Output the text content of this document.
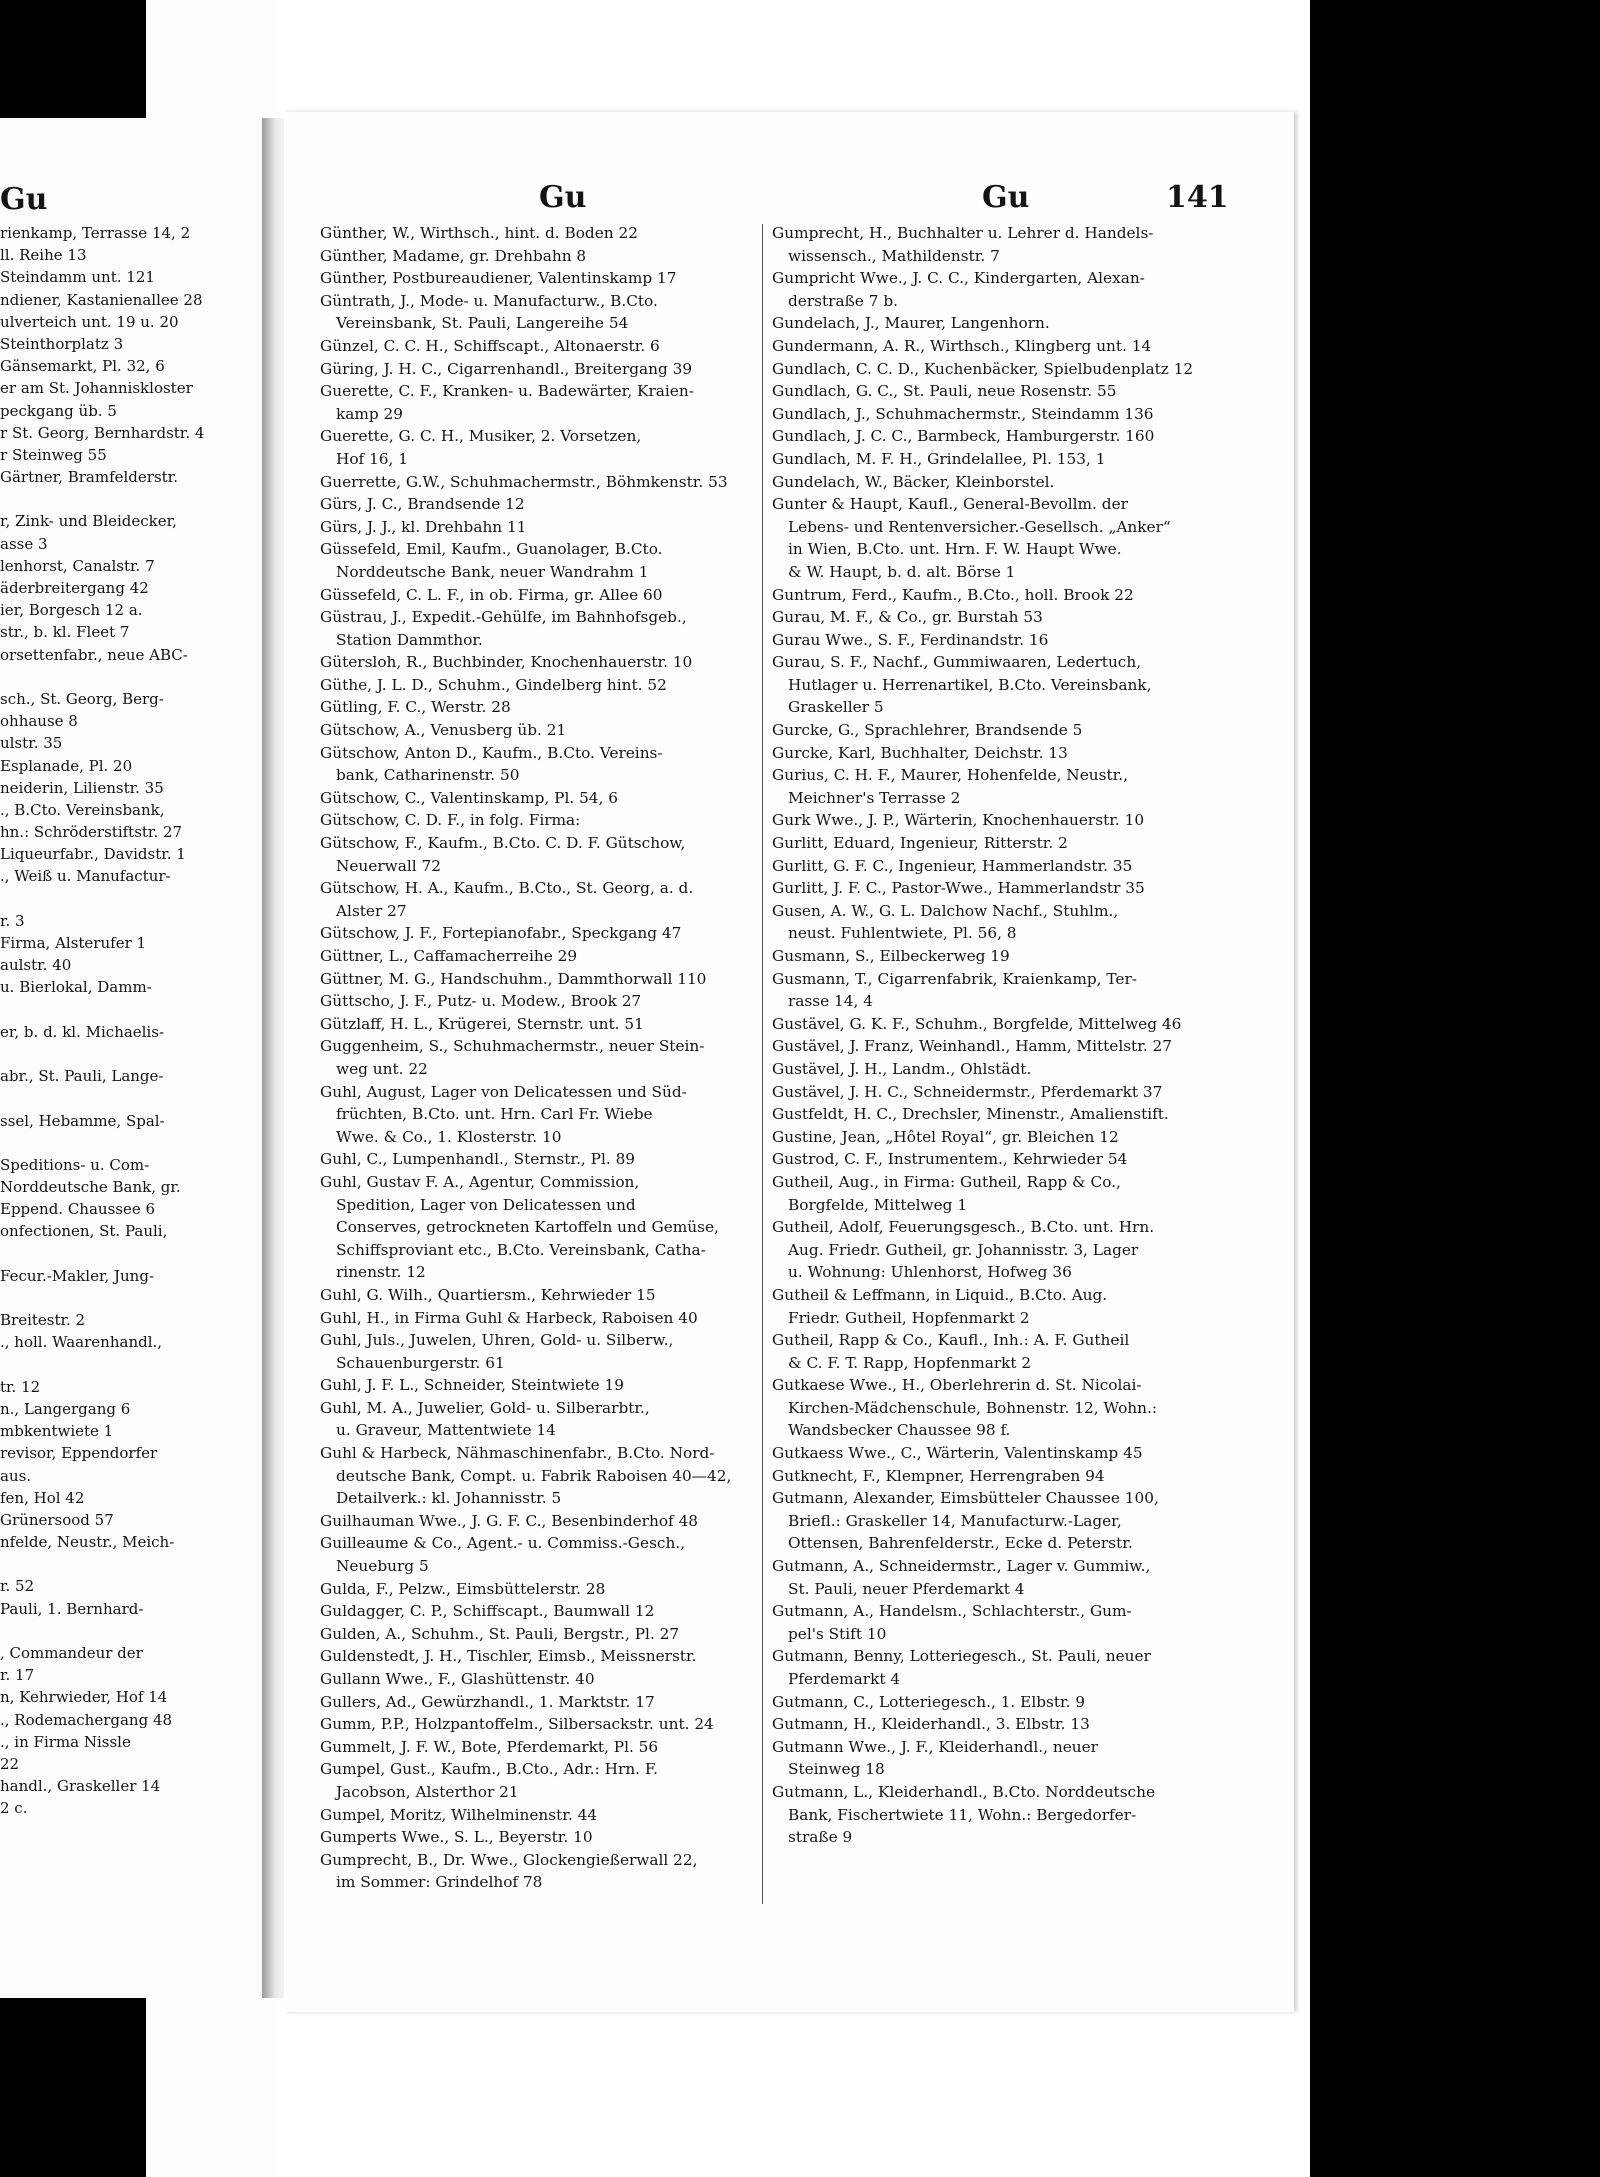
Gu
rienkamp, Terrasse 14, 2
ll. Reihe 13
Steindamm unt. 121
ndiener, Kastanienallee 28
ulverteich unt. 19 u. 20
Steinthorplatz 3
Gänsemarkt, Pl. 32, 6
er am St. Johanniskloster
peckgang üb. 5
r St. Georg, Bernhardstr. 4
r Steinweg 55
Gärtner, Bramfelderstr.
r, Zink- und Bleidecker,
asse 3
lenhorst, Canalstr. 7
äderbreitergang 42
ier, Borgesch 12 a.
str., b. kl. Fleet 7
orsettenfabr., neue ABC-
sch., St. Georg, Berg-
ohhause 8
ulstr. 35
Esplanade, Pl. 20
neiderin, Lilienstr. 35
., B.Cto. Vereinsbank,
hn.: Schröderstiftstr. 27
Liqueurfabr., Davidstr. 1
., Weiß u. Manufactur-
r. 3
Firma, Alsterufer 1
aulstr. 40
u. Bierlokal, Damm-
er, b. d. kl. Michaelis-
abr., St. Pauli, Lange-
ssel, Hebamme, Spal-
Speditions- u. Com-
Norddeutsche Bank, gr.
Eppend. Chaussee 6
onfectionen, St. Pauli,
Fecur.-Makler, Jung-
Breitestr. 2
., holl. Waarenhandl.,
tr. 12
n., Langergang 6
mbkentwiete 1
revisor, Eppendorfer
aus.
fen, Hol 42
Grünersood 57
nfelde, Neustr., Meich-
r. 52
Pauli, 1. Bernhard-
, Commandeur der
r. 17
n, Kehrwieder, Hof 14
., Rodemachergang 48
., in Firma Nissle
22
handl., Graskeller 14
2 c.
Gu	Gu	141

Günther, W., Wirthsch., hint. d. Boden 22

Günther, Madame, gr. Drehbahn 8

Günther, Postbureaudiener, Valentinskamp 17

Güntrath, J., Mode- u. Manufacturw., B.Cto.

Vereinsbank, St. Pauli, Langereihe 54

Günzel, C. C. H., Schiffscapt., Altonaerstr. 6

Güring, J. H. C., Cigarrenhandl., Breitergang 39

Guerette, C. F., Kranken- u. Badewärter, Kraien-

kamp 29

Guerette, G. C. H., Musiker, 2. Vorsetzen,

Hof 16, 1

Guerrette, G.W., Schuhmachermstr., Böhmkenstr. 53

Gürs, J. C., Brandsende 12

Gürs, J. J., kl. Drehbahn 11

Güssefeld, Emil, Kaufm., Guanolager, B.Cto.

Norddeutsche Bank, neuer Wandrahm 1

Güssefeld, C. L. F., in ob. Firma, gr. Allee 60

Güstrau, J., Expedit.-Gehülfe, im Bahnhofsgeb.,

Station Dammthor.

Gütersloh, R., Buchbinder, Knochenhauerstr. 10

Güthe, J. L. D., Schuhm., Gindelberg hint. 52

Gütling, F. C., Werstr. 28

Gütschow, A., Venusberg üb. 21

Gütschow, Anton D., Kaufm., B.Cto. Vereins-

bank, Catharinenstr. 50

Gütschow, C., Valentinskamp, Pl. 54, 6

Gütschow, C. D. F., in folg. Firma:

Gütschow, F., Kaufm., B.Cto. C. D. F. Gütschow,

Neuerwall 72

Gütschow, H. A., Kaufm., B.Cto., St. Georg, a. d.

Alster 27

Gütschow, J. F., Fortepianofabr., Speckgang 47

Güttner, L., Caffamacherreihe 29

Güttner, M. G., Handschuhm., Dammthorwall 110

Güttscho, J. F., Putz- u. Modew., Brook 27

Gützlaff, H. L., Krügerei, Sternstr. unt. 51

Guggenheim, S., Schuhmachermstr., neuer Stein-

weg unt. 22

Guhl, August, Lager von Delicatessen und Süd-

früchten, B.Cto. unt. Hrn. Carl Fr. Wiebe

Wwe. & Co., 1. Klosterstr. 10

Guhl, C., Lumpenhandl., Sternstr., Pl. 89

Guhl, Gustav F. A., Agentur, Commission,

Spedition, Lager von Delicatessen und

Conserves, getrockneten Kartoffeln und Gemüse,

Schiffsproviant etc., B.Cto. Vereinsbank, Catha-

rinenstr. 12

Guhl, G. Wilh., Quartiersm., Kehrwieder 15

Guhl, H., in Firma Guhl & Harbeck, Raboisen 40

Guhl, Juls., Juwelen, Uhren, Gold- u. Silberw.,

Schauenburgerstr. 61

Guhl, J. F. L., Schneider, Steintwiete 19

Guhl, M. A., Juwelier, Gold- u. Silberarbtr.,

u. Graveur, Mattentwiete 14

Guhl & Harbeck, Nähmaschinenfabr., B.Cto. Nord-

deutsche Bank, Compt. u. Fabrik Raboisen 40—42,

Detailverk.: kl. Johannisstr. 5

Guilhauman Wwe., J. G. F. C., Besenbinderhof 48

Guilleaume & Co., Agent.- u. Commiss.-Gesch.,

Neueburg 5

Gulda, F., Pelzw., Eimsbüttelerstr. 28

Guldagger, C. P., Schiffscapt., Baumwall 12

Gulden, A., Schuhm., St. Pauli, Bergstr., Pl. 27

Guldenstedt, J. H., Tischler, Eimsb., Meissnerstr.

Gullann Wwe., F., Glashüttenstr. 40

Gullers, Ad., Gewürzhandl., 1. Marktstr. 17

Gumm, P.P., Holzpantoffelm., Silbersackstr. unt. 24

Gummelt, J. F. W., Bote, Pferdemarkt, Pl. 56

Gumpel, Gust., Kaufm., B.Cto., Adr.: Hrn. F.

Jacobson, Alsterthor 21

Gumpel, Moritz, Wilhelminenstr. 44

Gumperts Wwe., S. L., Beyerstr. 10

Gumprecht, B., Dr. Wwe., Glockengießerwall 22,

im Sommer: Grindelhof 78

Gumprecht, H., Buchhalter u. Lehrer d. Handels-

wissensch., Mathildenstr. 7

Gumpricht Wwe., J. C. C., Kindergarten, Alexan-

derstraße 7 b.

Gundelach, J., Maurer, Langenhorn.

Gundermann, A. R., Wirthsch., Klingberg unt. 14

Gundlach, C. C. D., Kuchenbäcker, Spielbudenplatz 12

Gundlach, G. C., St. Pauli, neue Rosenstr. 55

Gundlach, J., Schuhmachermstr., Steindamm 136

Gundlach, J. C. C., Barmbeck, Hamburgerstr. 160

Gundlach, M. F. H., Grindelallee, Pl. 153, 1

Gundelach, W., Bäcker, Kleinborstel.

Gunter & Haupt, Kaufl., General-Bevollm. der

Lebens- und Rentenversicher.-Gesellsch. „Anker“

in Wien, B.Cto. unt. Hrn. F. W. Haupt Wwe.

& W. Haupt, b. d. alt. Börse 1

Guntrum, Ferd., Kaufm., B.Cto., holl. Brook 22

Gurau, M. F., & Co., gr. Burstah 53

Gurau Wwe., S. F., Ferdinandstr. 16

Gurau, S. F., Nachf., Gummiwaaren, Ledertuch,

Hutlager u. Herrenartikel, B.Cto. Vereinsbank,

Graskeller 5

Gurcke, G., Sprachlehrer, Brandsende 5

Gurcke, Karl, Buchhalter, Deichstr. 13

Gurius, C. H. F., Maurer, Hohenfelde, Neustr.,

Meichner's Terrasse 2

Gurk Wwe., J. P., Wärterin, Knochenhauerstr. 10

Gurlitt, Eduard, Ingenieur, Ritterstr. 2

Gurlitt, G. F. C., Ingenieur, Hammerlandstr. 35

Gurlitt, J. F. C., Pastor-Wwe., Hammerlandstr 35

Gusen, A. W., G. L. Dalchow Nachf., Stuhlm.,

neust. Fuhlentwiete, Pl. 56, 8

Gusmann, S., Eilbeckerweg 19

Gusmann, T., Cigarrenfabrik, Kraienkamp, Ter-

rasse 14, 4

Gustävel, G. K. F., Schuhm., Borgfelde, Mittelweg 46

Gustävel, J. Franz, Weinhandl., Hamm, Mittelstr. 27

Gustävel, J. H., Landm., Ohlstädt.

Gustävel, J. H. C., Schneidermstr., Pferdemarkt 37

Gustfeldt, H. C., Drechsler, Minenstr., Amalienstift.

Gustine, Jean, „Hôtel Royal“, gr. Bleichen 12

Gustrod, C. F., Instrumentem., Kehrwieder 54

Gutheil, Aug., in Firma: Gutheil, Rapp & Co.,

Borgfelde, Mittelweg 1

Gutheil, Adolf, Feuerungsgesch., B.Cto. unt. Hrn.

Aug. Friedr. Gutheil, gr. Johannisstr. 3, Lager

u. Wohnung: Uhlenhorst, Hofweg 36

Gutheil & Leffmann, in Liquid., B.Cto. Aug.

Friedr. Gutheil, Hopfenmarkt 2

Gutheil, Rapp & Co., Kaufl., Inh.: A. F. Gutheil

& C. F. T. Rapp, Hopfenmarkt 2

Gutkaese Wwe., H., Oberlehrerin d. St. Nicolai-

Kirchen-Mädchenschule, Bohnenstr. 12, Wohn.:

Wandsbecker Chaussee 98 f.

Gutkaess Wwe., C., Wärterin, Valentinskamp 45

Gutknecht, F., Klempner, Herrengraben 94

Gutmann, Alexander, Eimsbütteler Chaussee 100,

Briefl.: Graskeller 14, Manufacturw.-Lager,

Ottensen, Bahrenfelderstr., Ecke d. Peterstr.

Gutmann, A., Schneidermstr., Lager v. Gummiw.,

St. Pauli, neuer Pferdemarkt 4

Gutmann, A., Handelsm., Schlachterstr., Gum-

pel's Stift 10

Gutmann, Benny, Lotteriegesch., St. Pauli, neuer

Pferdemarkt 4

Gutmann, C., Lotteriegesch., 1. Elbstr. 9

Gutmann, H., Kleiderhandl., 3. Elbstr. 13

Gutmann Wwe., J. F., Kleiderhandl., neuer

Steinweg 18

Gutmann, L., Kleiderhandl., B.Cto. Norddeutsche

Bank, Fischertwiete 11, Wohn.: Bergedorfer-

straße 9
